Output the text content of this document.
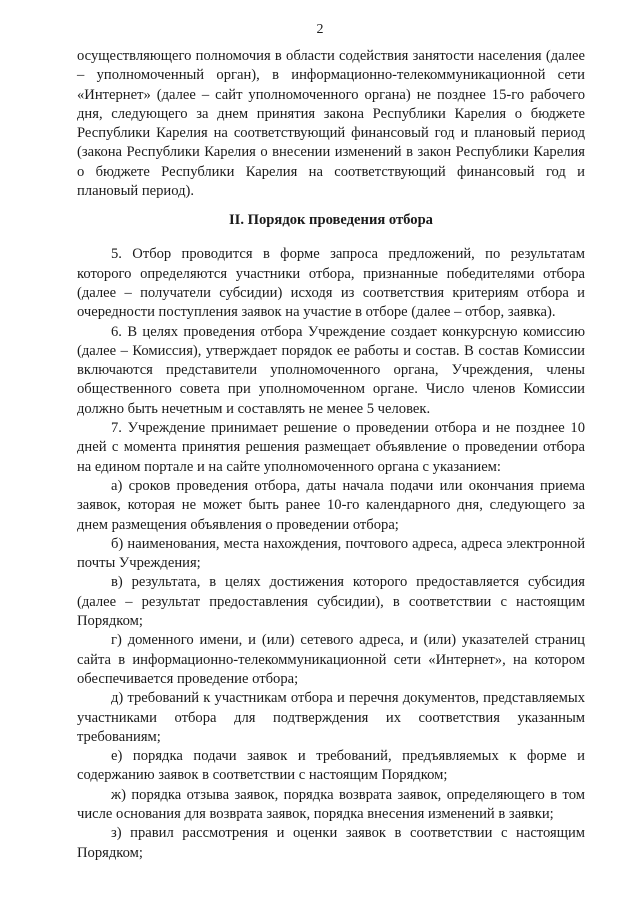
2

осуществляющего полномочия в области содействия занятости населения (далее – уполномоченный орган), в информационно-телекоммуникационной сети «Интернет» (далее – сайт уполномоченного органа) не позднее 15-го рабочего дня, следующего за днем принятия закона Республики Карелия о бюджете Республики Карелия на соответствующий финансовый год и плановый период (закона Республики Карелия о внесении изменений в закон Республики Карелия о бюджете Республики Карелия на соответствующий финансовый год и плановый период).

II. Порядок проведения отбора

5. Отбор проводится в форме запроса предложений, по результатам которого определяются участники отбора, признанные победителями отбора (далее – получатели субсидии) исходя из соответствия критериям отбора и очередности поступления заявок на участие в отборе (далее – отбор, заявка).

6. В целях проведения отбора Учреждение создает конкурсную комиссию (далее – Комиссия), утверждает порядок ее работы и состав. В состав Комиссии включаются представители уполномоченного органа, Учреждения, члены общественного совета при уполномоченном органе. Число членов Комиссии должно быть нечетным и составлять не менее 5 человек.

7. Учреждение принимает решение о проведении отбора и не позднее 10 дней с момента принятия решения размещает объявление о проведении отбора на едином портале и на сайте уполномоченного органа с указанием:

а) сроков проведения отбора, даты начала подачи или окончания приема заявок, которая не может быть ранее 10-го календарного дня, следующего за днем размещения объявления о проведении отбора;

б) наименования, места нахождения, почтового адреса, адреса электронной почты Учреждения;

в) результата, в целях достижения которого предоставляется субсидия (далее – результат предоставления субсидии), в соответствии с настоящим Порядком;

г) доменного имени, и (или) сетевого адреса, и (или) указателей страниц сайта в информационно-телекоммуникационной сети «Интернет», на котором обеспечивается проведение отбора;

д) требований к участникам отбора и перечня документов, представляемых участниками отбора для подтверждения их соответствия указанным требованиям;

е) порядка подачи заявок и требований, предъявляемых к форме и содержанию заявок в соответствии с настоящим Порядком;

ж) порядка отзыва заявок, порядка возврата заявок, определяющего в том числе основания для возврата заявок, порядка внесения изменений в заявки;

з) правил рассмотрения и оценки заявок в соответствии с настоящим Порядком;
